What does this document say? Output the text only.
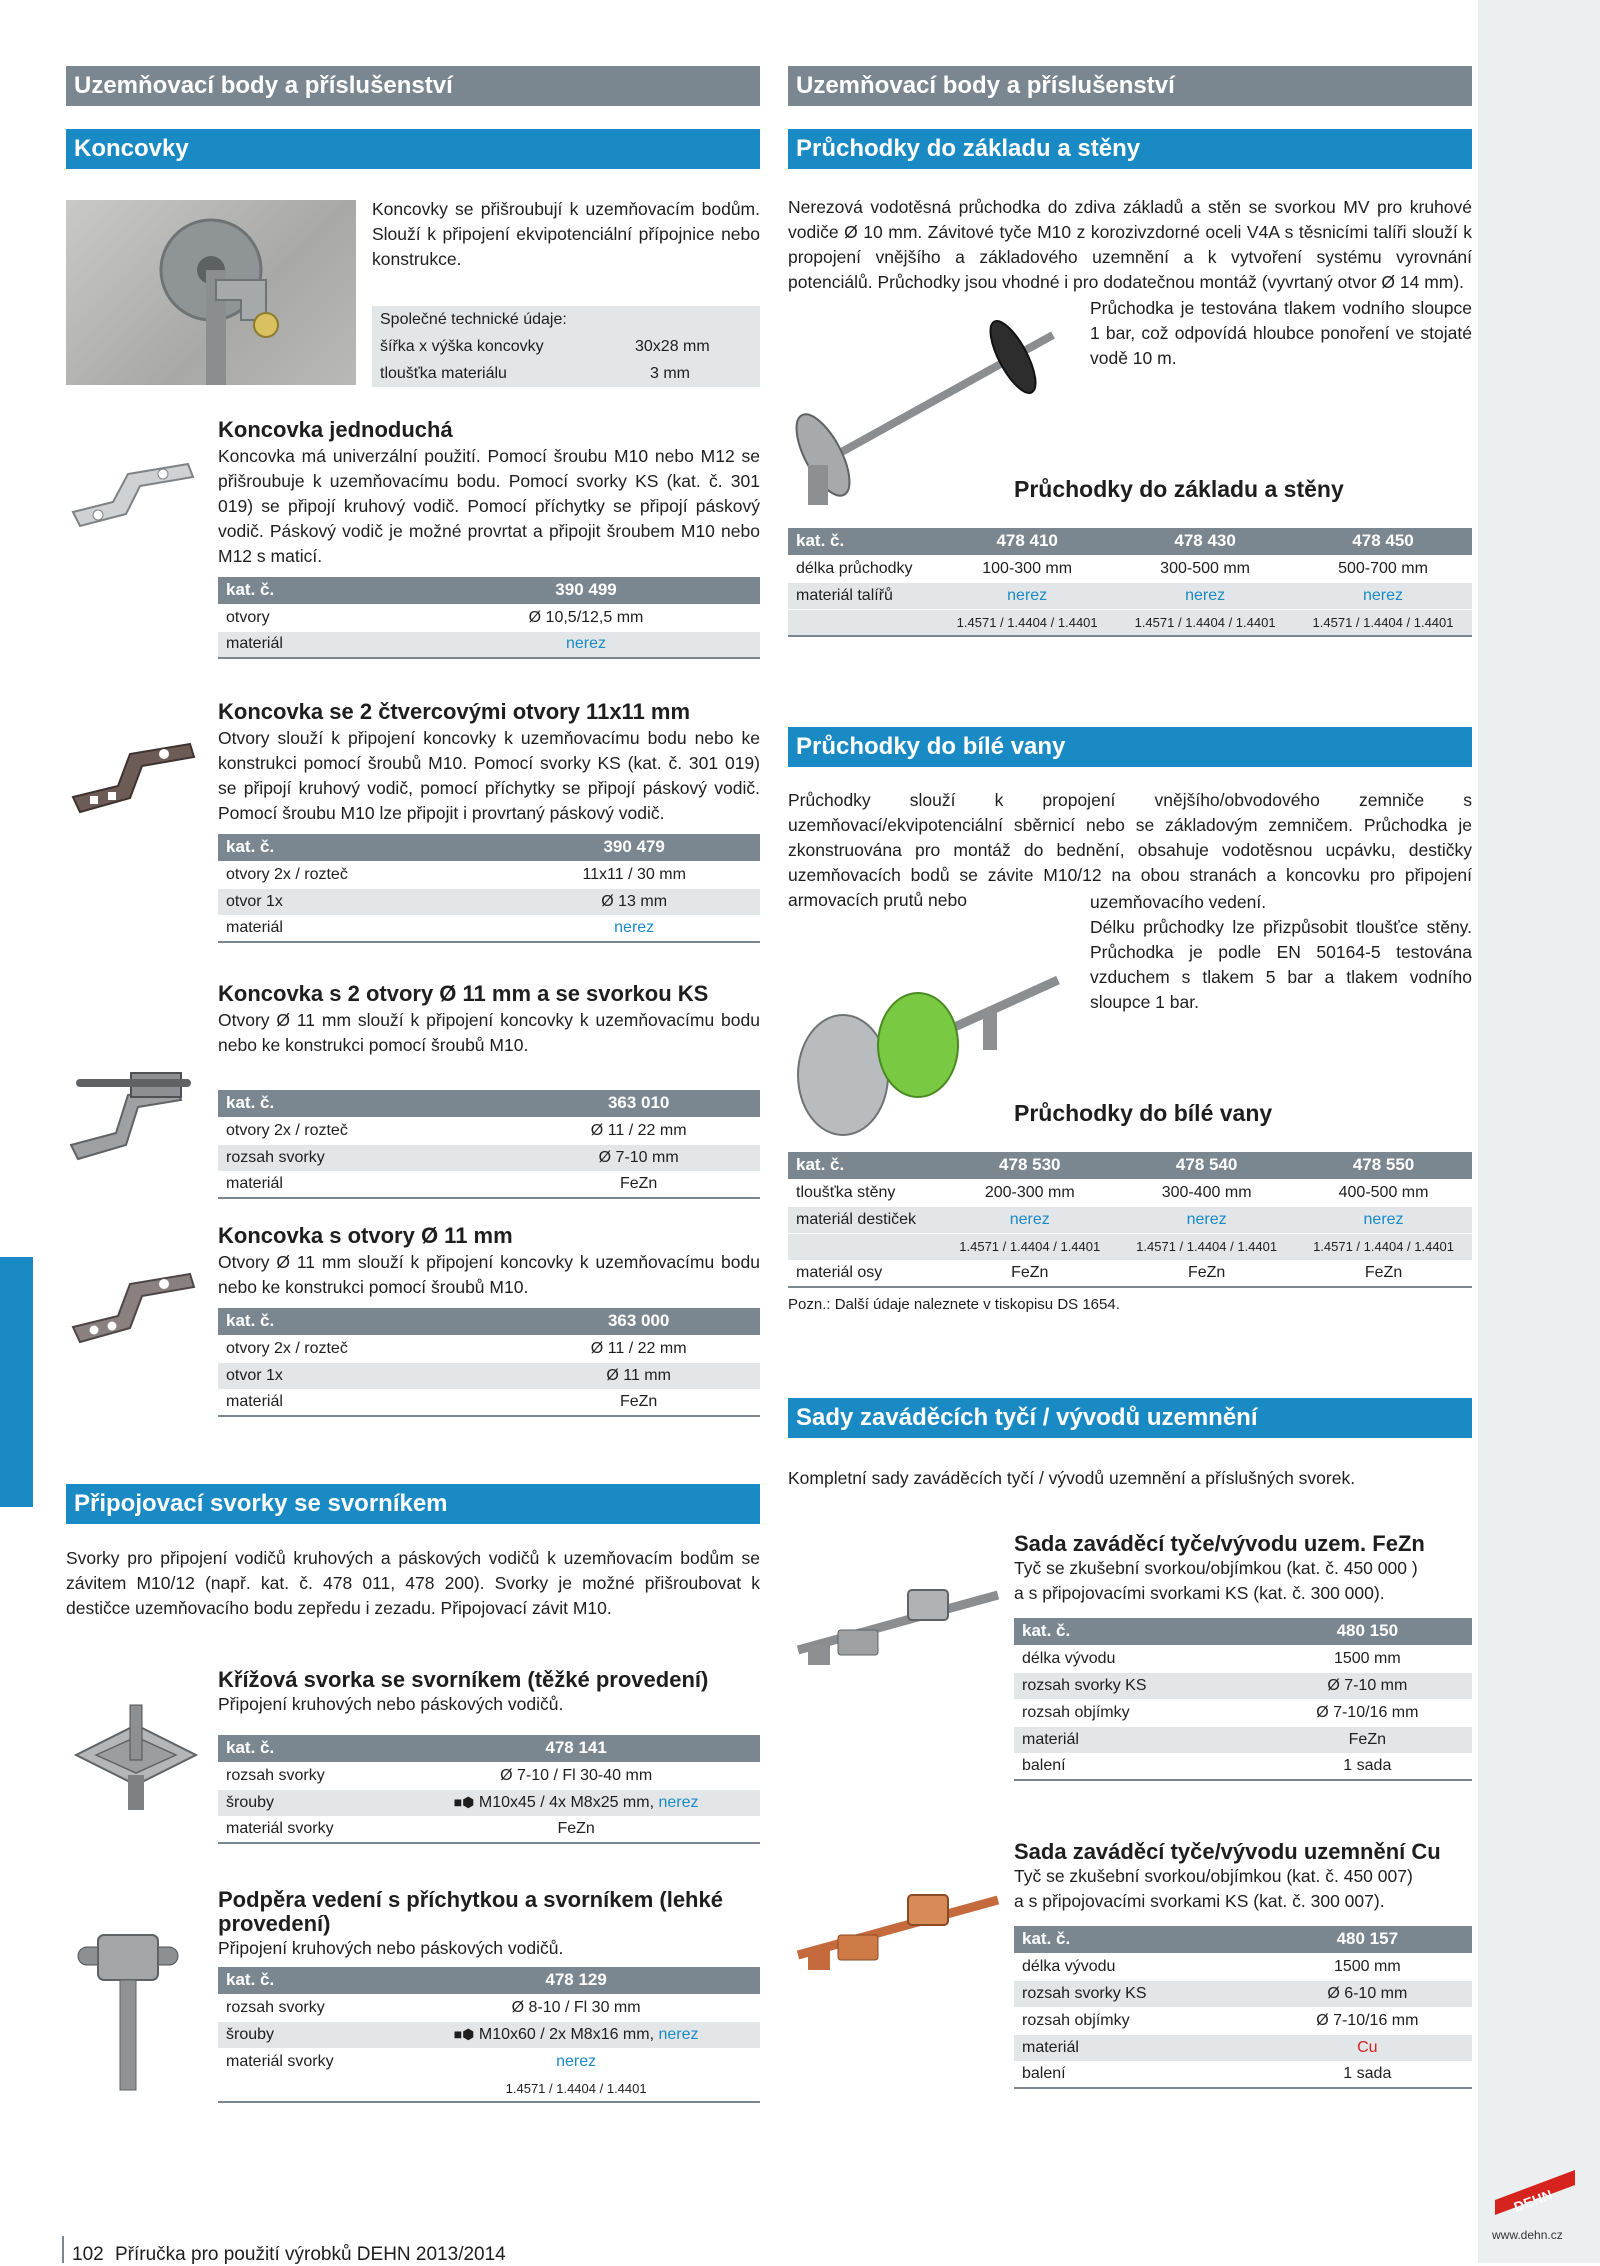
Uzemňovací body a příslušenství
Koncovky

Koncovky se přišroubují k uzemňovacím bodům. Slouží k připojení ekvipotenciální přípojnice nebo konstrukce.

Společné technické údaje:
šířka x výška koncovky	30x28 mm
tloušťka materiálu	3 mm

Koncovka jednoduchá

Koncovka má univerzální použití. Pomocí šroubu M10 nebo M12 se přišroubuje k uzemňovacímu bodu. Pomocí svorky KS (kat. č. 301 019) se připojí kruhový vodič. Pomocí příchytky se připojí páskový vodič. Páskový vodič je možné provrtat a připojit šroubem M10 nebo M12 s maticí.

kat. č.	390 499
otvory	Ø 10,5/12,5 mm
materiál	nerez

Koncovka se 2 čtvercovými otvory 11x11 mm

Otvory slouží k připojení koncovky k uzemňovacímu bodu nebo ke konstrukci pomocí šroubů M10. Pomocí svorky KS (kat. č. 301 019) se připojí kruhový vodič, pomocí příchytky se připojí páskový vodič. Pomocí šroubu M10 lze připojit i provrtaný páskový vodič.

kat. č.	390 479
otvory 2x / rozteč	11x11 / 30 mm
otvor 1x	Ø 13 mm
materiál	nerez

Koncovka s 2 otvory Ø 11 mm a se svorkou KS

Otvory Ø 11 mm slouží k připojení koncovky k uzemňovacímu bodu nebo ke konstrukci pomocí šroubů M10.

kat. č.	363 010
otvory 2x / rozteč	Ø 11 / 22 mm
rozsah svorky	Ø 7-10 mm
materiál	FeZn

Koncovka s otvory Ø 11 mm

Otvory Ø 11 mm slouží k připojení koncovky k uzemňovacímu bodu nebo ke konstrukci pomocí šroubů M10.

kat. č.	363 000
otvory 2x / rozteč	Ø 11 / 22 mm
otvor 1x	Ø 11 mm
materiál	FeZn
Připojovací svorky se svorníkem

Svorky pro připojení vodičů kruhových a páskových vodičů k uzemňovacím bodům se závitem M10/12 (např. kat. č. 478 011, 478 200). Svorky je možné přišroubovat k destičce uzemňovacího bodu zepředu i zezadu. Připojovací závit M10.

Křížová svorka se svorníkem (těžké provedení)

Připojení kruhových nebo páskových vodičů.

kat. č.	478 141
rozsah svorky	Ø 7-10 / Fl 30-40 mm
šrouby	■⬢ M10x45 / 4x M8x25 mm, nerez
materiál svorky	FeZn

Podpěra vedení s příchytkou a svorníkem (lehké provedení)

Připojení kruhových nebo páskových vodičů.

kat. č.	478 129
rozsah svorky	Ø 8-10 / Fl 30 mm
šrouby	■⬢ M10x60 / 2x M8x16 mm, nerez
materiál svorky	nerez
	1.4571 / 1.4404 / 1.4401
Uzemňovací body a příslušenství
Průchodky do základu a stěny

Nerezová vodotěsná průchodka do zdiva základů a stěn se svorkou MV pro kruhové vodiče Ø 10 mm. Závitové tyče M10 z korozivzdorné oceli V4A s těsnicími talíři slouží k propojení vnějšího a základového uzemnění a k vytvoření systému vyrovnání potenciálů. Průchodky jsou vhodné i pro dodatečnou montáž (vyvrtaný otvor Ø 14 mm).

Průchodka je testována tlakem vodního sloupce 1 bar, což odpovídá hloubce ponoření ve stojaté vodě 10 m.

Průchodky do základu a stěny

kat. č.	478 410	478 430	478 450
délka průchodky	100-300 mm	300-500 mm	500-700 mm
materiál talířů	nerez	nerez	nerez
	1.4571 / 1.4404 / 1.4401	1.4571 / 1.4404 / 1.4401	1.4571 / 1.4404 / 1.4401
Průchodky do bílé vany

Průchodky slouží k propojení vnějšího/obvodového zemniče s uzemňovací/ekvipotenciální sběrnicí nebo se základovým zemničem. Průchodka je zkonstruována pro montáž do bednění, obsahuje vodotěsnou ucpávku, destičky uzemňovacích bodů se závite M10/12 na obou stranách a koncovku pro připojení armovacích prutů nebo	uzemňovacího vedení.

Délku průchodky lze přizpůsobit tloušťce stěny. Průchodka je podle EN 50164-5 testována vzduchem s tlakem 5 bar a tlakem vodního sloupce 1 bar.

Průchodky do bílé vany

kat. č.	478 530	478 540	478 550
tloušťka stěny	200-300 mm	300-400 mm	400-500 mm
materiál destiček	nerez	nerez	nerez
	1.4571 / 1.4404 / 1.4401	1.4571 / 1.4404 / 1.4401	1.4571 / 1.4404 / 1.4401
materiál osy	FeZn	FeZn	FeZn

Pozn.: Další údaje naleznete v tiskopisu DS 1654.

Sady zaváděcích tyčí / vývodů uzemnění

Kompletní sady zaváděcích tyčí / vývodů uzemnění a příslušných svorek.

Sada zaváděcí tyče/vývodu uzem. FeZn

Tyč se zkušební svorkou/objímkou (kat. č. 450 000 )

a s připojovacími svorkami KS (kat. č. 300 000).

kat. č.	480 150
délka vývodu	1500 mm
rozsah svorky KS	Ø 7-10 mm
rozsah objímky	Ø 7-10/16 mm
materiál	FeZn
balení	1 sada

Sada zaváděcí tyče/vývodu uzemnění Cu

Tyč se zkušební svorkou/objímkou (kat. č. 450 007)

a s připojovacími svorkami KS (kat. č. 300 007).

kat. č.	480 157
délka vývodu	1500 mm
rozsah svorky KS	Ø 6-10 mm
rozsah objímky	Ø 7-10/16 mm
materiál	Cu
balení	1 sada
102 Příručka pro použití výrobků DEHN 2013/2014
DEHN
www.dehn.cz
